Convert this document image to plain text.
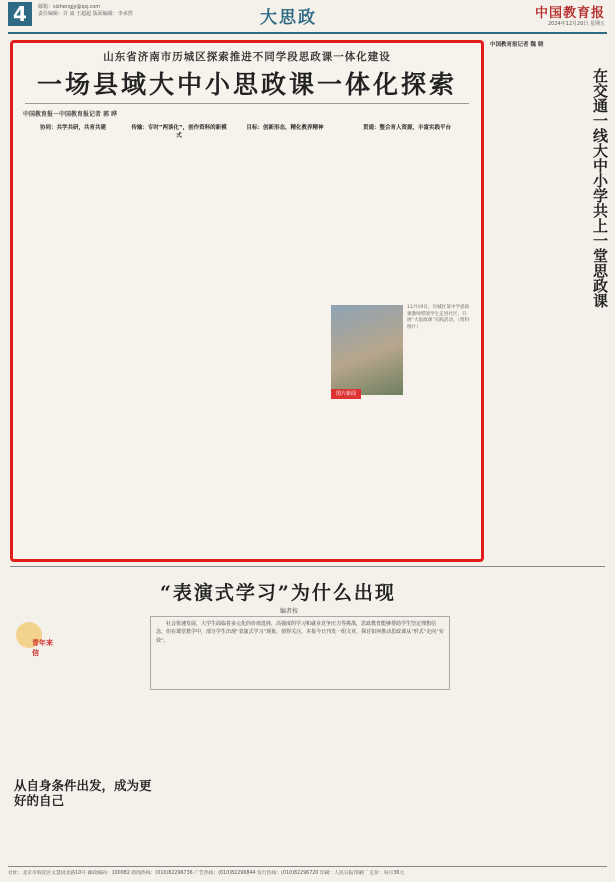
4	邮箱：sizhengjy@qq.com
责任编辑：许 嵩 王超超 版面编辑：李承然	大思政	中国教育报
2024年12月20日 星期五
山东省济南市历城区探索推进不同学段思政课一体化建设
一场县域大中小思政课一体化探索
中国教育报－中国教育报记者 郭 晔

协同：共学共研，共育共建	传输：专时”两谈化”，创作资料的新模式

目标：创新形态，精化教养精神	贯通：整合育人资源，丰富实践平台

图片新闻
12月19日，历城区某中学思政课教师带领学生走进社区，开展“大思政课”实践活动。（资料图片）
中国教育报记者 魏 晓
在交通一线大中小学共上一堂思政课
“表演式学习”为什么出现
编者按
社会快速发展，大学生面临着多元化的价值选择，高强度的学习和就业竞争压力等挑战，思政教育能够帮助学生坚定理想信念，但在课堂教学中，部分学生出现“表演式学习”现象，值得关注。本报今日刊发一组文章，探讨如何推动思政课从“形式”走向“实效”。
青年来信
从自身条件出发，成为更好的自己
社址：北京市海淀区文慧园北路10号 邮政编码：100082 新闻热线：(010)82296736 广告热线：(010)82296844 发行热线：(010)82296720 印刷：人民日报印刷厂 定价：每月36元
